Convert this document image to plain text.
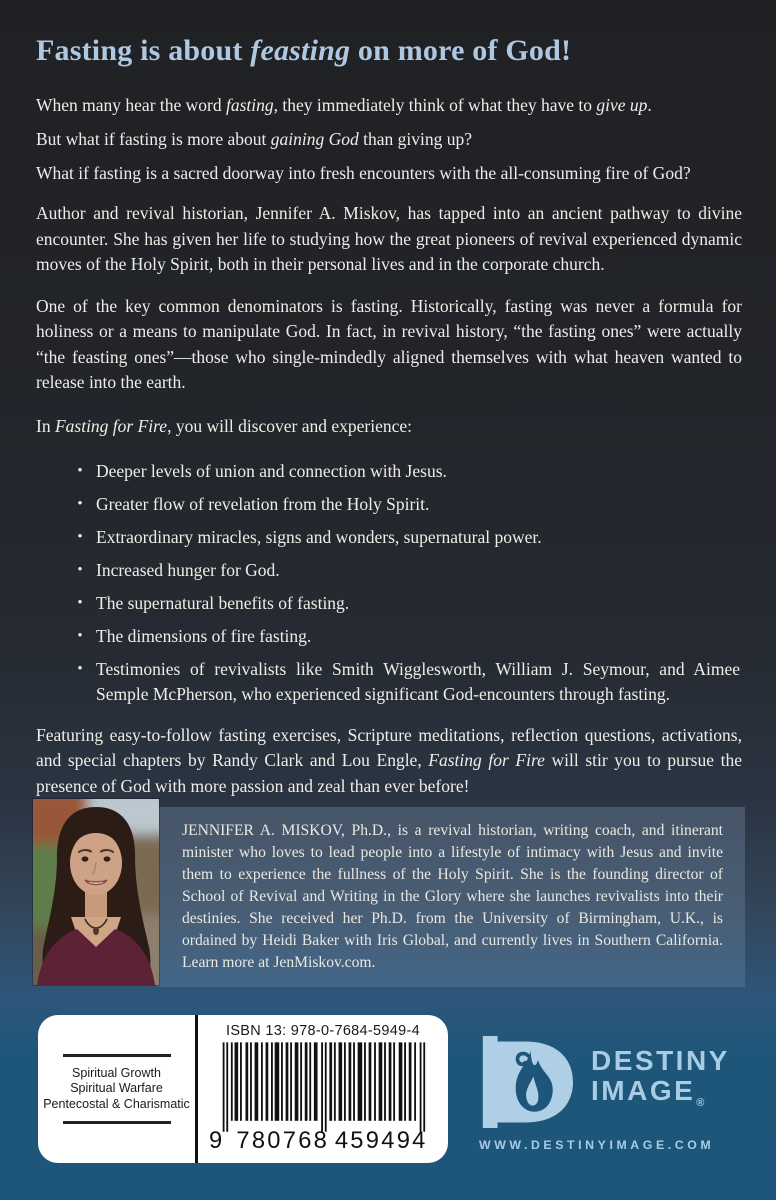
Fasting is about feasting on more of God!

When many hear the word fasting, they immediately think of what they have to give up.

But what if fasting is more about gaining God than giving up?

What if fasting is a sacred doorway into fresh encounters with the all-consuming fire of God?

Author and revival historian, Jennifer A. Miskov, has tapped into an ancient pathway to divine encounter. She has given her life to studying how the great pioneers of revival experienced dynamic moves of the Holy Spirit, both in their personal lives and in the corporate church.

One of the key common denominators is fasting. Historically, fasting was never a formula for holiness or a means to manipulate God. In fact, in revival history, “the fasting ones” were actually “the feasting ones”—those who single-mindedly aligned themselves with what heaven wanted to release into the earth.

In Fasting for Fire, you will discover and experience:

• Deeper levels of union and connection with Jesus.
• Greater flow of revelation from the Holy Spirit.
• Extraordinary miracles, signs and wonders, supernatural power.
• Increased hunger for God.
• The supernatural benefits of fasting.
• The dimensions of fire fasting.
• Testimonies of revivalists like Smith Wigglesworth, William J. Seymour, and Aimee Semple McPherson, who experienced significant God-encounters through fasting.

Featuring easy-to-follow fasting exercises, Scripture meditations, reflection questions, activations, and special chapters by Randy Clark and Lou Engle, Fasting for Fire will stir you to pursue the presence of God with more passion and zeal than ever before!

JENNIFER A. MISKOV, Ph.D., is a revival historian, writing coach, and itinerant minister who loves to lead people into a lifestyle of intimacy with Jesus and invite them to experience the fullness of the Holy Spirit. She is the founding director of School of Revival and Writing in the Glory where she launches revivalists into their destinies. She received her Ph.D. from the University of Birmingham, U.K., is ordained by Heidi Baker with Iris Global, and currently lives in Southern California. Learn more at JenMiskov.com.
Spiritual Growth
Spiritual Warfare
Pentecostal & Charismatic
ISBN 13: 978-0-7684-5949-4
9 780768 459494
DESTINY
$IMAGE_®$
WWW.DESTINYIMAGE.COM
